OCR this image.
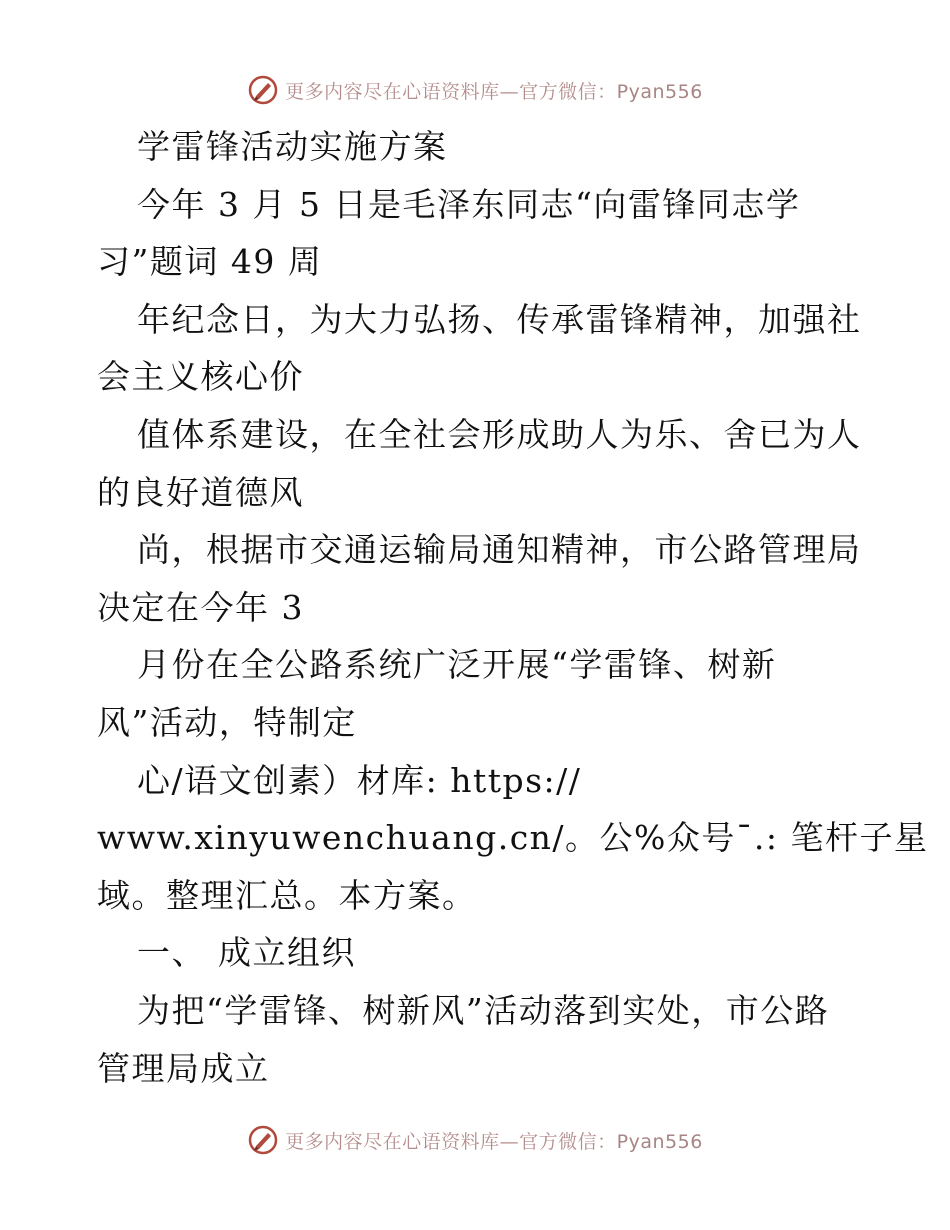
更多内容尽在心语资料库—官方微信：Pyan556
学雷锋活动实施方案
今年 3 月 5 日是毛泽东同志“向雷锋同志学
习”题词 49 周
年纪念日，为大力弘扬、传承雷锋精神，加强社
会主义核心价
值体系建设，在全社会形成助人为乐、舍已为人
的良好道德风
尚，根据市交通运输局通知精神，市公路管理局
决定在今年 3
月份在全公路系统广泛开展“学雷锋、树新
风”活动，特制定
心/语文创素）材库: https://
www.xinyuwenchuang.cn/。公%众号¯.: 笔杆子星
域。整理汇总。本方案。
一、 成立组织
为把“学雷锋、树新风”活动落到实处，市公路
管理局成立
更多内容尽在心语资料库—官方微信：Pyan556
